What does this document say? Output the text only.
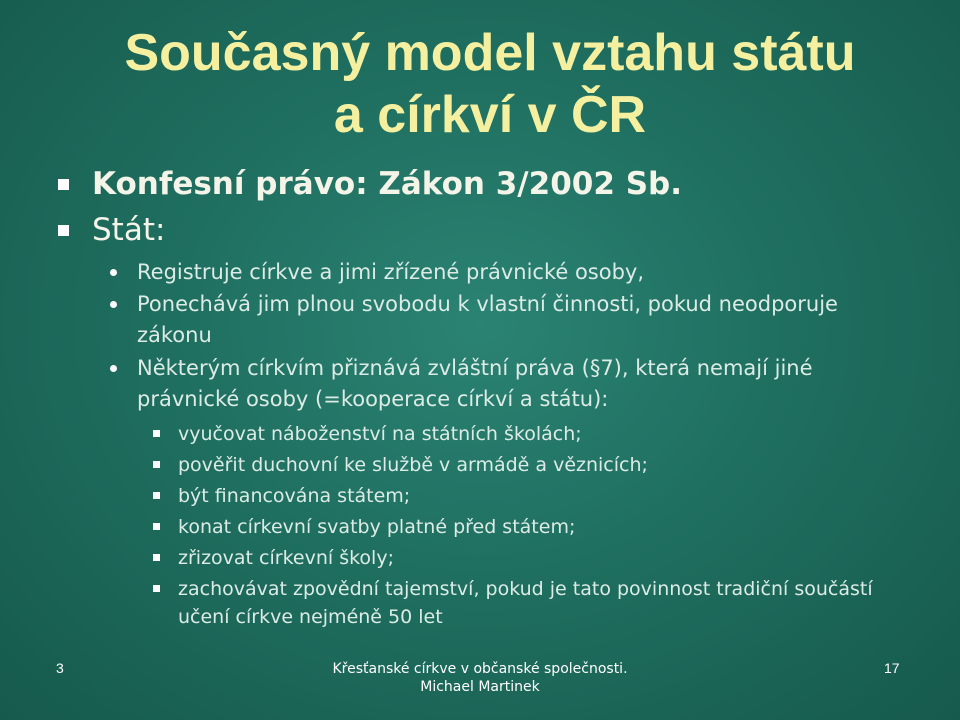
Současný model vztahu státu
a církví v ČR
Konfesní právo: Zákon 3/2002 Sb.
Stát:
Registruje církve a jimi zřízené právnické osoby,
Ponechává jim plnou svobodu k vlastní činnosti, pokud neodporuje zákonu
Některým církvím přiznává zvláštní práva (§7), která nemají jiné právnické osoby (=kooperace církví a státu):
vyučovat náboženství na státních školách;
pověřit duchovní ke službě v armádě a věznicích;
být financována státem;
konat církevní svatby platné před státem;
zřizovat církevní školy;
zachovávat zpovědní tajemství, pokud je tato povinnost tradiční součástí učení církve nejméně 50 let
3	Křesťanské církve v občanské společnosti.
Michael Martinek
17
